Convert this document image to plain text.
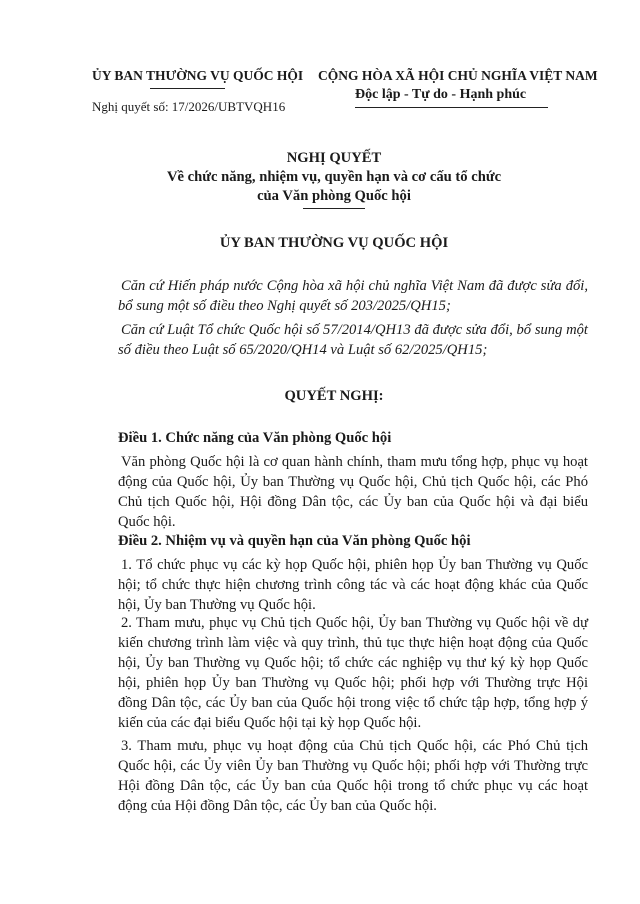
ỦY BAN THƯỜNG VỤ QUỐC HỘI
Nghị quyết số: 17/2026/UBTVQH16
CỘNG HÒA XÃ HỘI CHỦ NGHĨA VIỆT NAM
Độc lập - Tự do - Hạnh phúc
NGHỊ QUYẾT
Về chức năng, nhiệm vụ, quyền hạn và cơ cấu tổ chức
của Văn phòng Quốc hội
ỦY BAN THƯỜNG VỤ QUỐC HỘI
Căn cứ Hiến pháp nước Cộng hòa xã hội chủ nghĩa Việt Nam đã được sửa đổi, bổ sung một số điều theo Nghị quyết số 203/2025/QH15;
Căn cứ Luật Tổ chức Quốc hội số 57/2014/QH13 đã được sửa đổi, bổ sung một số điều theo Luật số 65/2020/QH14 và Luật số 62/2025/QH15;
QUYẾT NGHỊ:
Điều 1. Chức năng của Văn phòng Quốc hội
Văn phòng Quốc hội là cơ quan hành chính, tham mưu tổng hợp, phục vụ hoạt động của Quốc hội, Ủy ban Thường vụ Quốc hội, Chủ tịch Quốc hội, các Phó Chủ tịch Quốc hội, Hội đồng Dân tộc, các Ủy ban của Quốc hội và đại biểu Quốc hội.
Điều 2. Nhiệm vụ và quyền hạn của Văn phòng Quốc hội
1. Tổ chức phục vụ các kỳ họp Quốc hội, phiên họp Ủy ban Thường vụ Quốc hội; tổ chức thực hiện chương trình công tác và các hoạt động khác của Quốc hội, Ủy ban Thường vụ Quốc hội.
2. Tham mưu, phục vụ Chủ tịch Quốc hội, Ủy ban Thường vụ Quốc hội về dự kiến chương trình làm việc và quy trình, thủ tục thực hiện hoạt động của Quốc hội, Ủy ban Thường vụ Quốc hội; tổ chức các nghiệp vụ thư ký kỳ họp Quốc hội, phiên họp Ủy ban Thường vụ Quốc hội; phối hợp với Thường trực Hội đồng Dân tộc, các Ủy ban của Quốc hội trong việc tổ chức tập hợp, tổng hợp ý kiến của các đại biểu Quốc hội tại kỳ họp Quốc hội.
3. Tham mưu, phục vụ hoạt động của Chủ tịch Quốc hội, các Phó Chủ tịch Quốc hội, các Ủy viên Ủy ban Thường vụ Quốc hội; phối hợp với Thường trực Hội đồng Dân tộc, các Ủy ban của Quốc hội trong tổ chức phục vụ các hoạt động của Hội đồng Dân tộc, các Ủy ban của Quốc hội.
